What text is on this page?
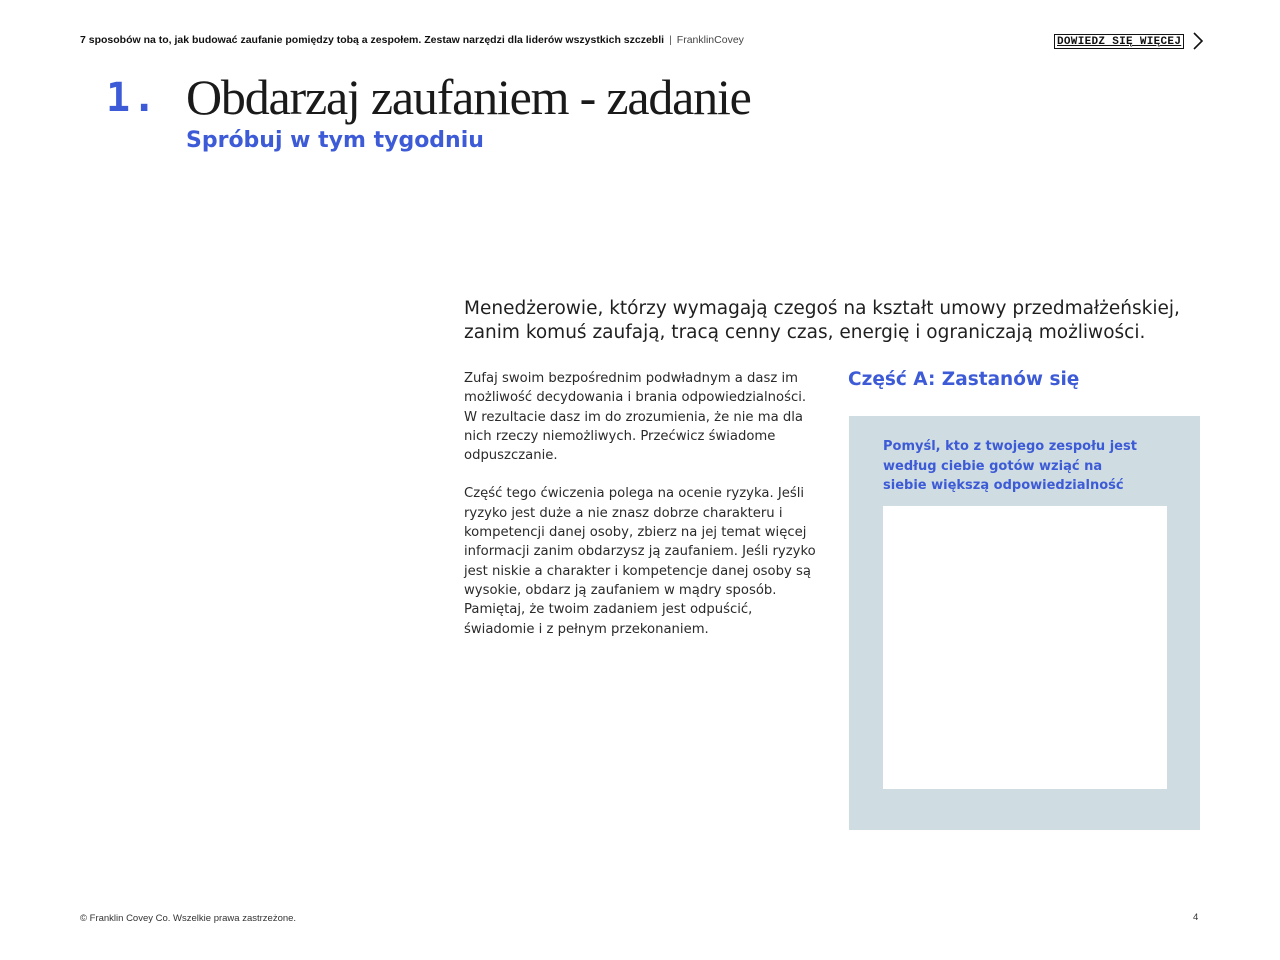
7 sposobów na to, jak budować zaufanie pomiędzy tobą a zespołem. Zestaw narzędzi dla liderów wszystkich szczebli | FranklinCovey	DOWIEDZ SIĘ WIĘCEJ
1. Obdarzaj zaufaniem - zadanie
Spróbuj w tym tygodniu
Menedżerowie, którzy wymagają czegoś na kształt umowy przedmałżeńskiej, zanim komuś zaufają, tracą cenny czas, energię i ograniczają możliwości.

Zufaj swoim bezpośrednim podwładnym a dasz im możliwość decydowania i brania odpowiedzialności. W rezultacie dasz im do zrozumienia, że nie ma dla nich rzeczy niemożliwych. Przećwicz świadome odpuszczanie.

Część tego ćwiczenia polega na ocenie ryzyka. Jeśli ryzyko jest duże a nie znasz dobrze charakteru i kompetencji danej osoby, zbierz na jej temat więcej informacji zanim obdarzysz ją zaufaniem. Jeśli ryzyko jest niskie a charakter i kompetencje danej osoby są wysokie, obdarz ją zaufaniem w mądry sposób. Pamiętaj, że twoim zadaniem jest odpuścić, świadomie i z pełnym przekonaniem.

Część A: Zastanów się
Pomyśl, kto z twojego zespołu jest według ciebie gotów wziąć na siebie większą odpowiedzialność
© Franklin Covey Co. Wszelkie prawa zastrzeżone.	4
